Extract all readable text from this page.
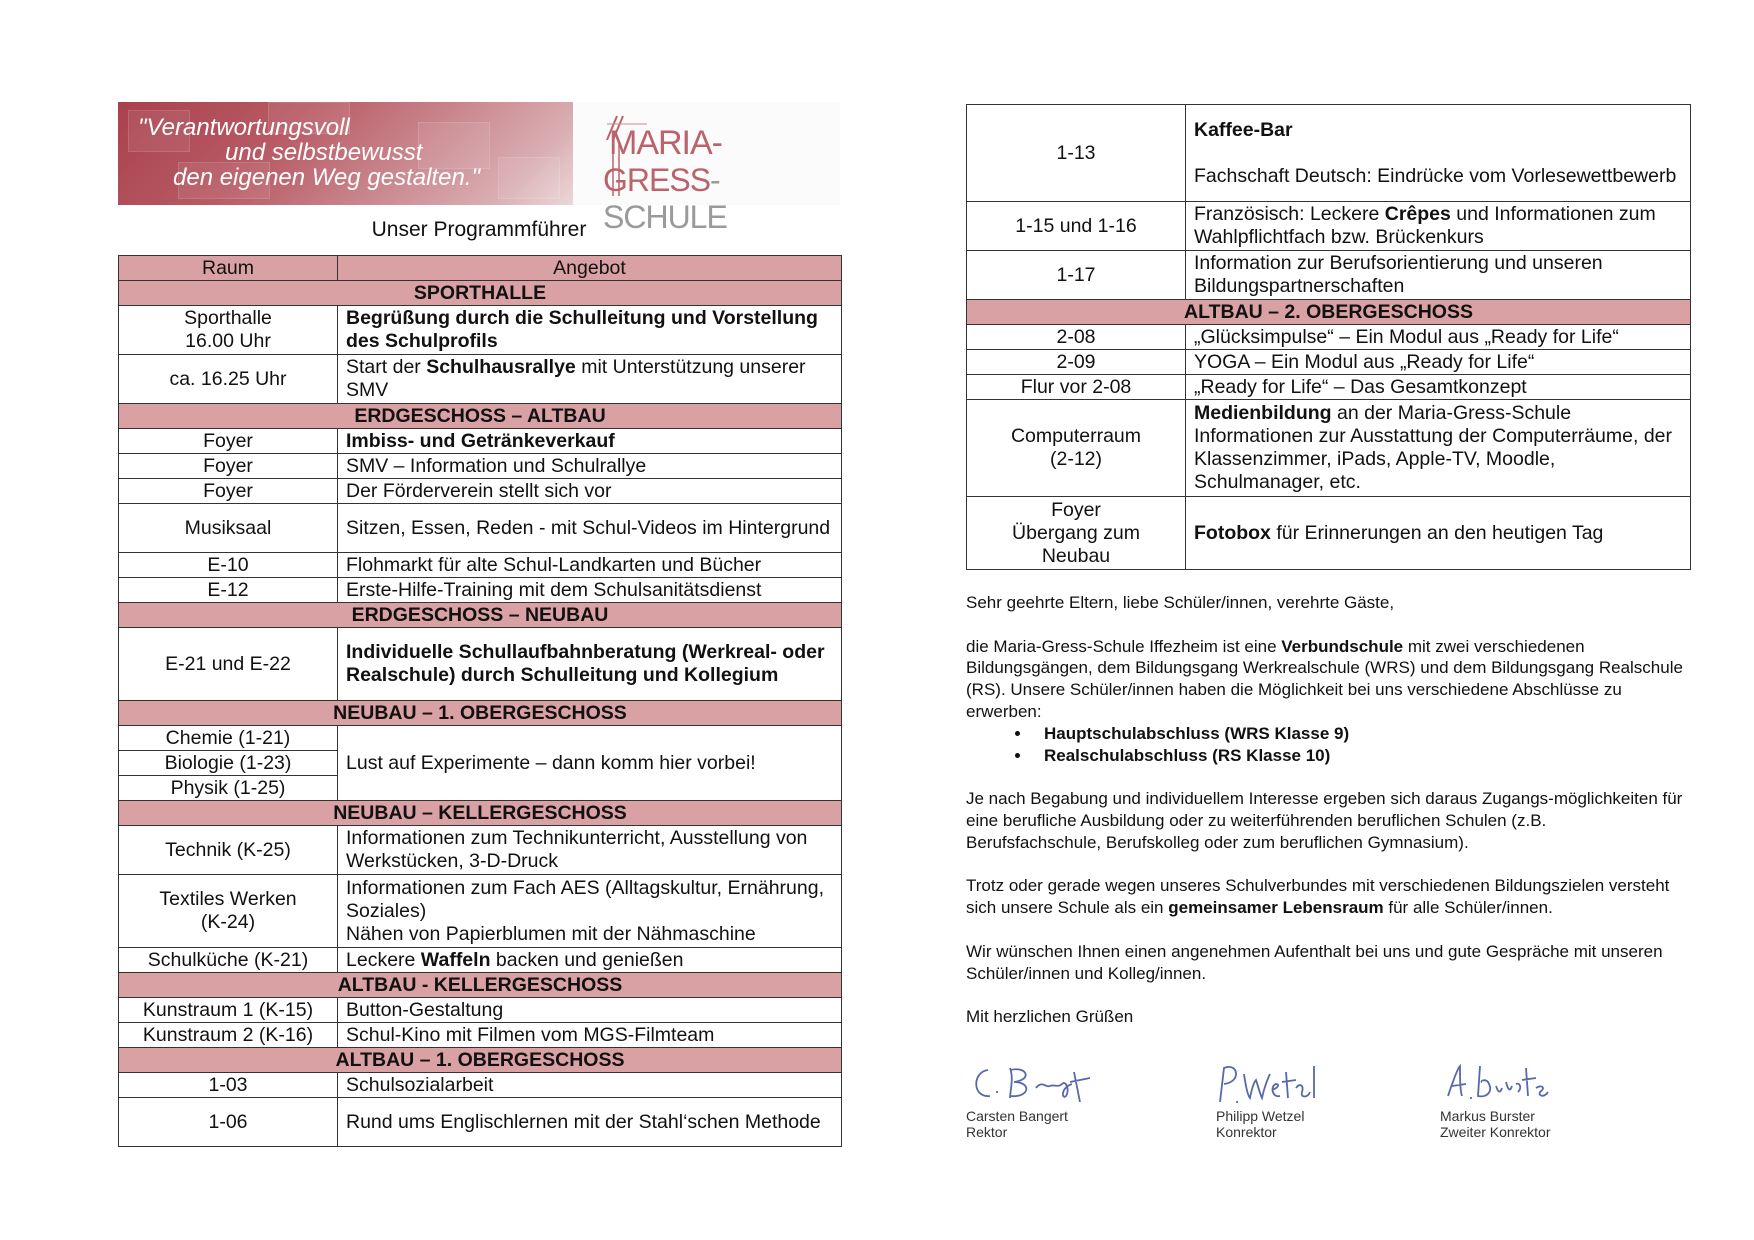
"Verantwortungsvoll
und selbstbewusst
den eigenen Weg gestalten."
MARIA-
GRESS-SCHULE
Unser Programmführer
Raum	Angebot
SPORTHALLE	
Sporthalle
16.00 Uhr	Begrüßung durch die Schulleitung und Vorstellung des Schulprofils
ca. 16.25 Uhr	Start der Schulhausrallye mit Unterstützung unserer SMV
ERDGESCHOSS – ALTBAU	
Foyer	Imbiss- und Getränkeverkauf
Foyer	SMV – Information und Schulrallye
Foyer	Der Förderverein stellt sich vor
Musiksaal	Sitzen, Essen, Reden - mit Schul-Videos im Hintergrund
E-10	Flohmarkt für alte Schul-Landkarten und Bücher
E-12	Erste-Hilfe-Training mit dem Schulsanitätsdienst
ERDGESCHOSS – NEUBAU	
E-21 und E-22	Individuelle Schullaufbahnberatung (Werkreal- oder Realschule) durch Schulleitung und Kollegium
NEUBAU – 1. OBERGESCHOSS	
Chemie (1-21)	Lust auf Experimente – dann komm hier vorbei!
Biologie (1-23)	
Physik (1-25)	
NEUBAU – KELLERGESCHOSS	
Technik (K-25)	Informationen zum Technikunterricht, Ausstellung von Werkstücken, 3-D-Druck
Textiles Werken
(K-24)	Informationen zum Fach AES (Alltagskultur, Ernährung, Soziales)
Nähen von Papierblumen mit der Nähmaschine
Schulküche (K-21)	Leckere Waffeln backen und genießen
ALTBAU - KELLERGESCHOSS	
Kunstraum 1 (K-15)	Button-Gestaltung
Kunstraum 2 (K-16)	Schul-Kino mit Filmen vom MGS-Filmteam
ALTBAU – 1. OBERGESCHOSS	
1-03	Schulsozialarbeit
1-06	Rund ums Englischlernen mit der Stahl‘schen Methode
1-13	Kaffee-Bar
Fachschaft Deutsch: Eindrücke vom Vorlesewettbewerb
1-15 und 1-16	Französisch: Leckere Crêpes und Informationen zum Wahlpflichtfach bzw. Brückenkurs
1-17	Information zur Berufsorientierung und unseren Bildungspartnerschaften
ALTBAU – 2. OBERGESCHOSS	
2-08	„Glücksimpulse“ – Ein Modul aus „Ready for Life“
2-09	YOGA – Ein Modul aus „Ready for Life“
Flur vor 2-08	„Ready for Life“ – Das Gesamtkonzept
Computerraum
(2-12)	Medienbildung an der Maria-Gress-Schule
Informationen zur Ausstattung der Computerräume, der Klassenzimmer, iPads, Apple-TV, Moodle, Schulmanager, etc.
Foyer
Übergang zum
Neubau	Fotobox für Erinnerungen an den heutigen Tag

Sehr geehrte Eltern, liebe Schüler/innen, verehrte Gäste,

die Maria-Gress-Schule Iffezheim ist eine Verbundschule mit zwei verschiedenen Bildungsgängen, dem Bildungsgang Werkrealschule (WRS) und dem Bildungsgang Realschule (RS). Unsere Schüler/innen haben die Möglichkeit bei uns verschiedene Abschlüsse zu erwerben:

• Hauptschulabschluss (WRS Klasse 9)
• Realschulabschluss (RS Klasse 10)

Je nach Begabung und individuellem Interesse ergeben sich daraus Zugangs-möglichkeiten für eine berufliche Ausbildung oder zu weiterführenden beruflichen Schulen (z.B. Berufsfachschule, Berufskolleg oder zum beruflichen Gymnasium).

Trotz oder gerade wegen unseres Schulverbundes mit verschiedenen Bildungszielen versteht sich unsere Schule als ein gemeinsamer Lebensraum für alle Schüler/innen.

Wir wünschen Ihnen einen angenehmen Aufenthalt bei uns und gute Gespräche mit unseren Schüler/innen und Kolleg/innen.

Mit herzlichen Grüßen

Carsten Bangert
Rektor
Philipp Wetzel
Konrektor
Markus Burster
Zweiter Konrektor
